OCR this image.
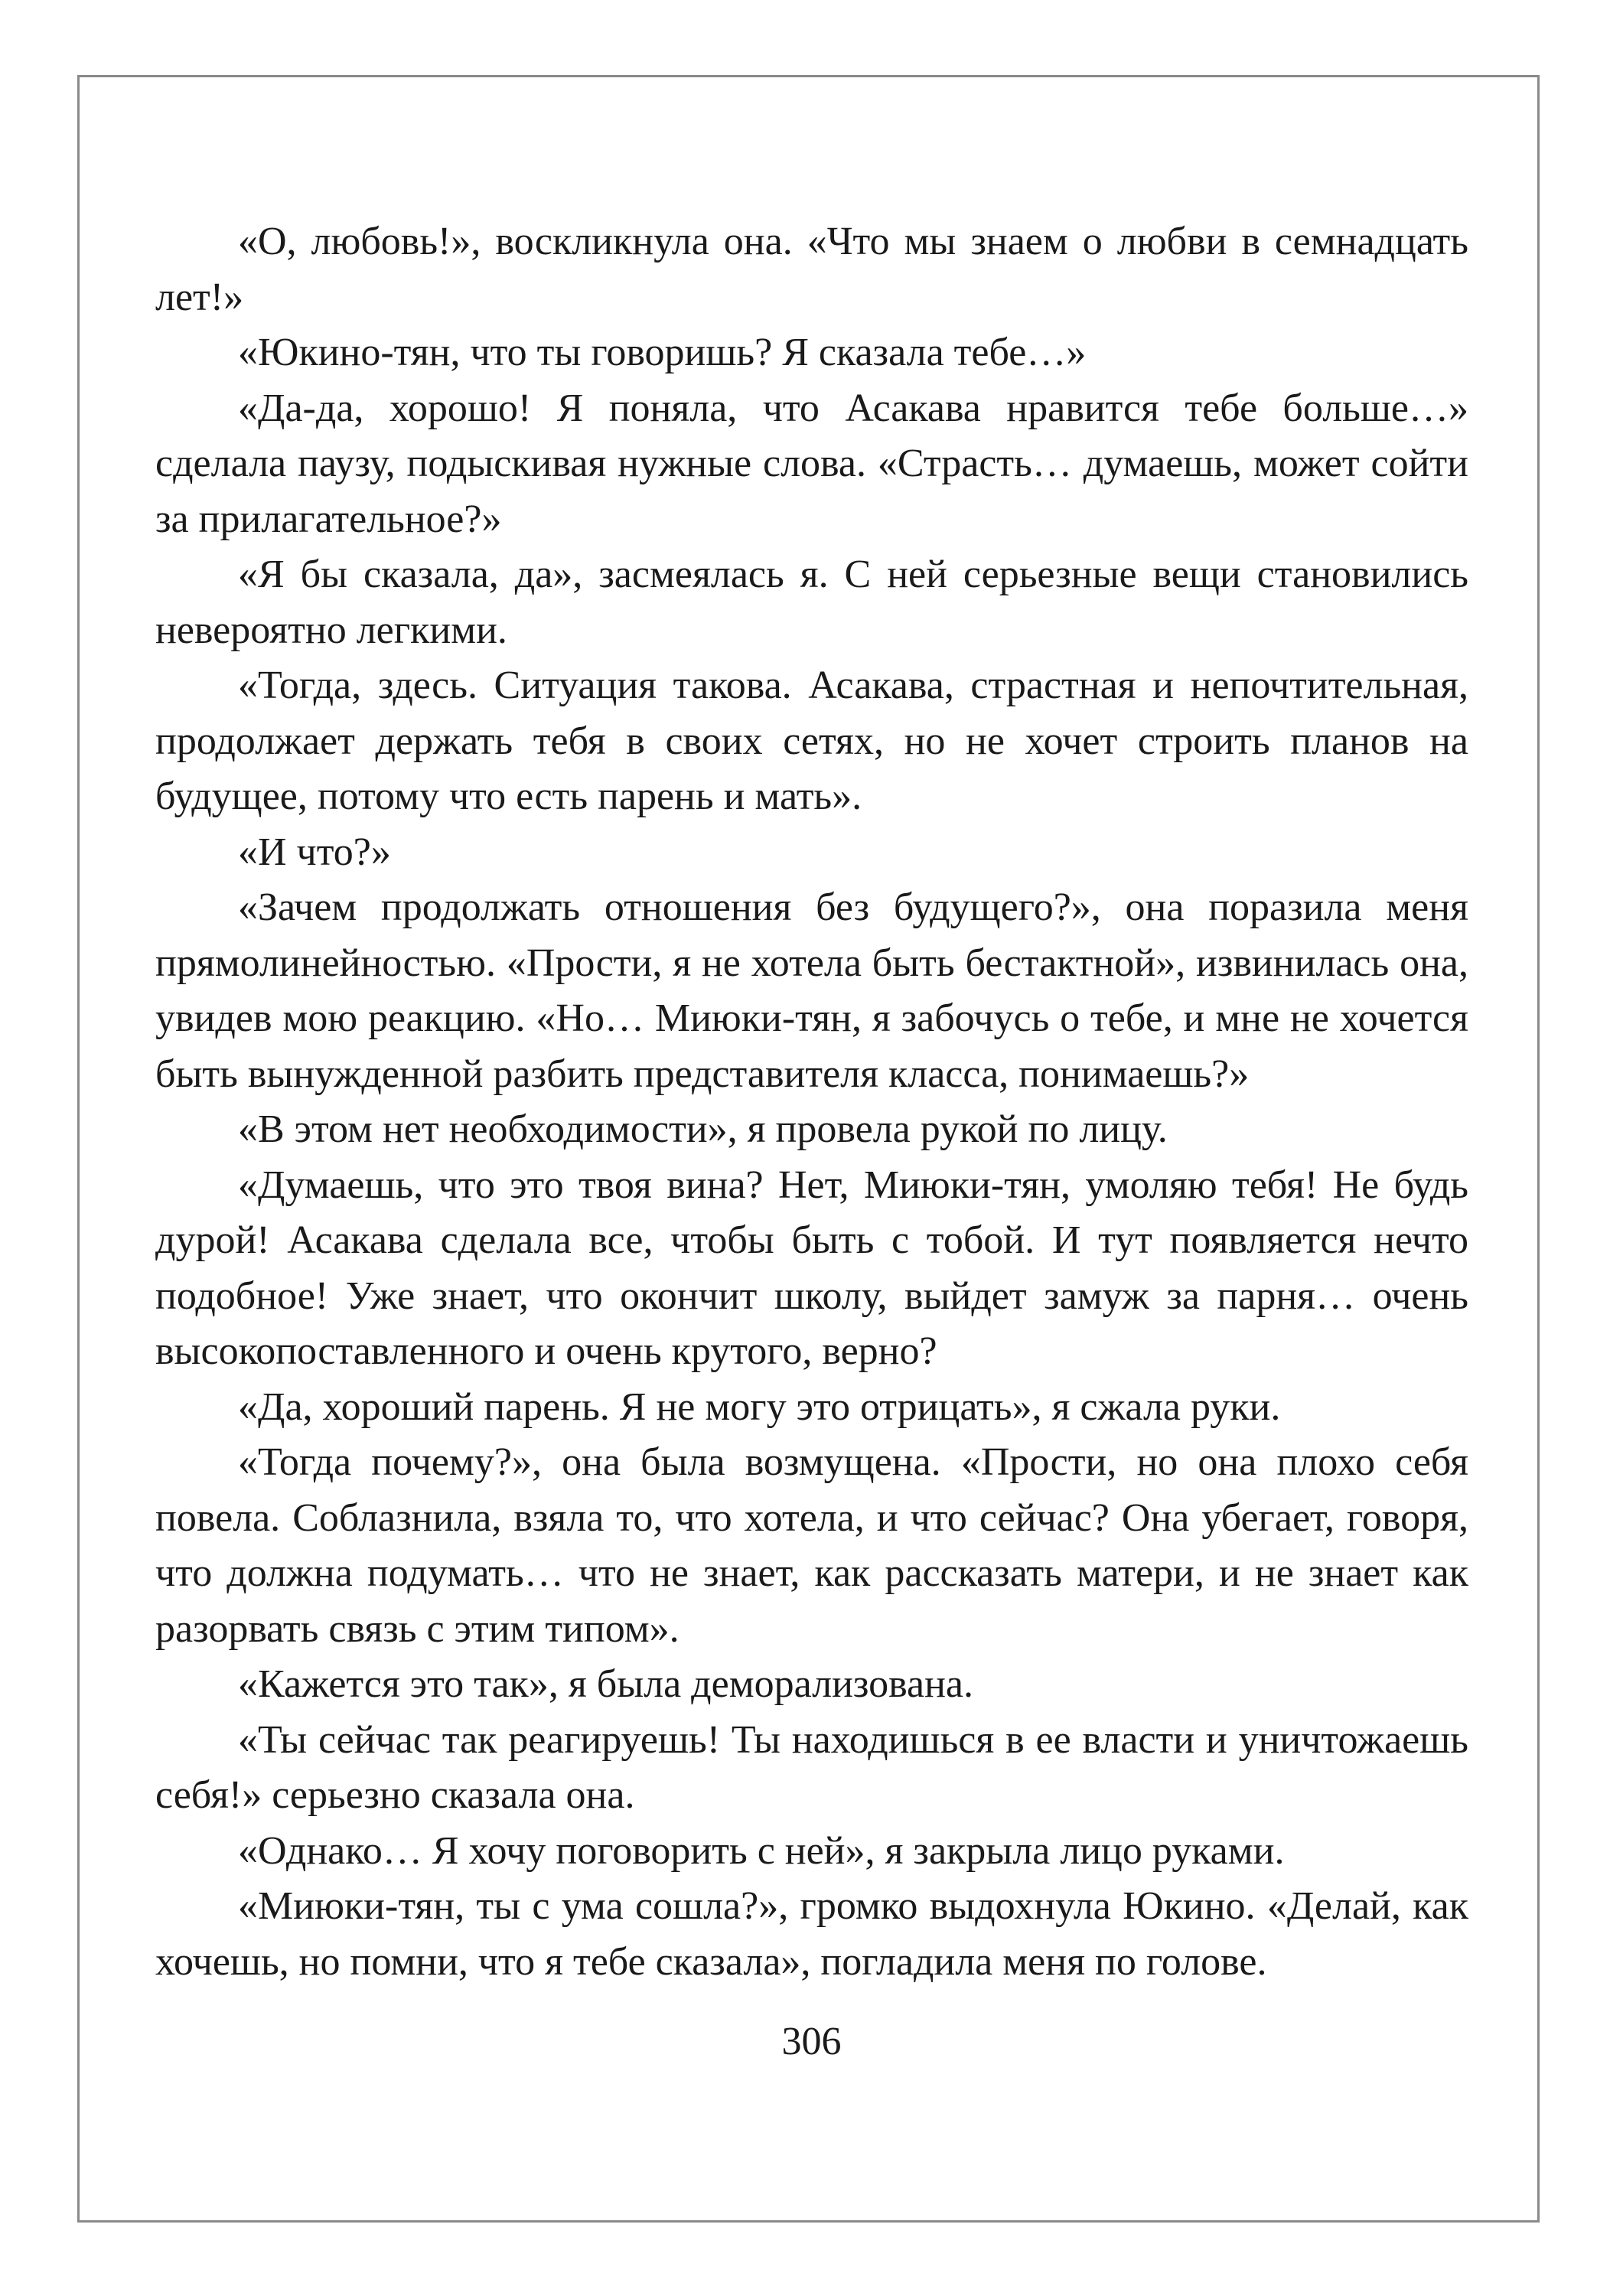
«О, любовь!», воскликнула она. «Что мы знаем о любви в семнадцать лет!»

«Юкино-тян, что ты говоришь? Я сказала тебе…»

«Да-да, хорошо! Я поняла, что Асакава нравится тебе больше…» сделала паузу, подыскивая нужные слова. «Страсть… думаешь, может сойти за прилагательное?»

«Я бы сказала, да», засмеялась я. С ней серьезные вещи становились невероятно легкими.

«Тогда, здесь. Ситуация такова. Асакава, страстная и непочтительная, продолжает держать тебя в своих сетях, но не хочет строить планов на будущее, потому что есть парень и мать».

«И что?»

«Зачем продолжать отношения без будущего?», она поразила меня прямолинейностью. «Прости, я не хотела быть бестактной», извинилась она, увидев мою реакцию. «Но… Миюки-тян, я забочусь о тебе, и мне не хочется быть вынужденной разбить представителя класса, понимаешь?»

«В этом нет необходимости», я провела рукой по лицу.

«Думаешь, что это твоя вина? Нет, Миюки-тян, умоляю тебя! Не будь дурой! Асакава сделала все, чтобы быть с тобой. И тут появляется нечто подобное! Уже знает, что окончит школу, выйдет замуж за парня… очень высокопоставленного и очень крутого, верно?

«Да, хороший парень. Я не могу это отрицать», я сжала руки.

«Тогда почему?», она была возмущена. «Прости, но она плохо себя повела. Соблазнила, взяла то, что хотела, и что сейчас? Она убегает, говоря, что должна подумать… что не знает, как рассказать матери, и не знает как разорвать связь с этим типом».

«Кажется это так», я была деморализована.

«Ты сейчас так реагируешь! Ты находишься в ее власти и уничтожаешь себя!» серьезно сказала она.

«Однако… Я хочу поговорить с ней», я закрыла лицо руками.

«Миюки-тян, ты с ума сошла?», громко выдохнула Юкино. «Делай, как хочешь, но помни, что я тебе сказала», погладила меня по голове.

306
